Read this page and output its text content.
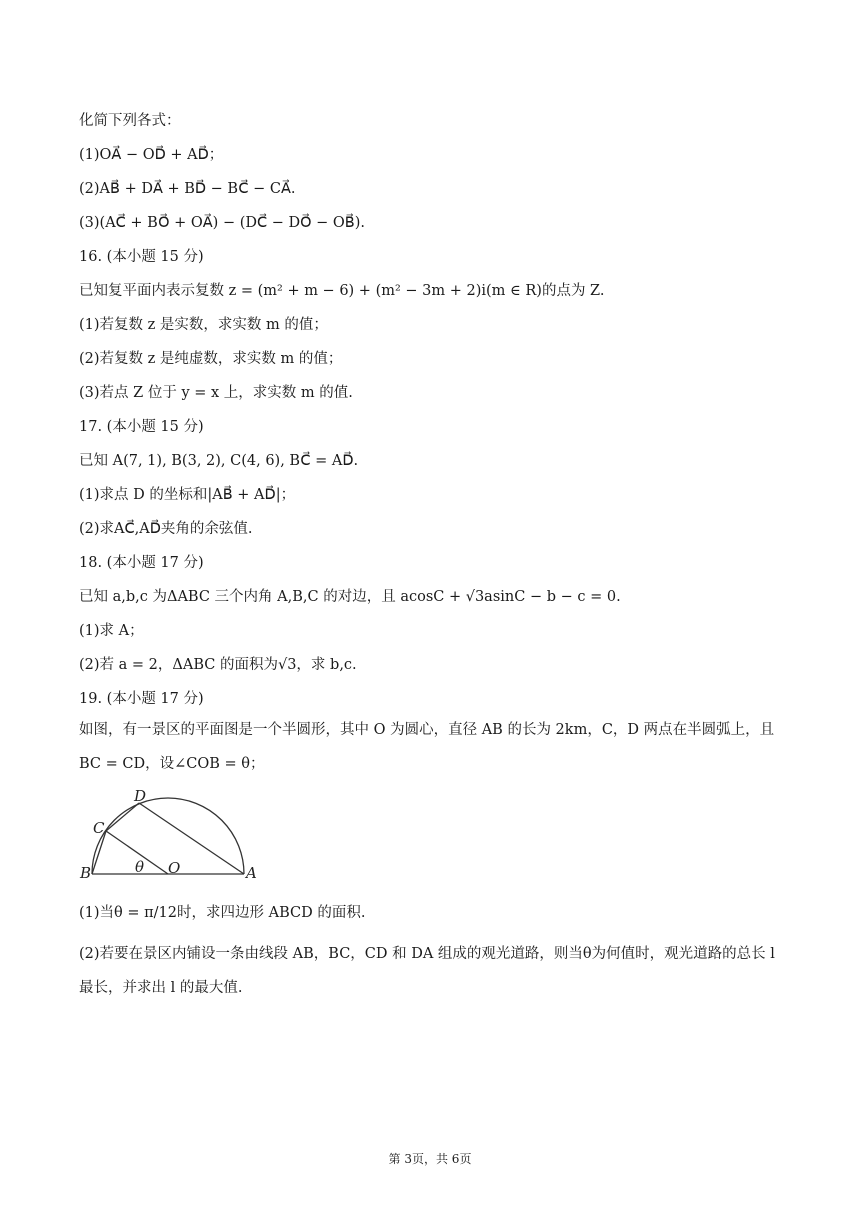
化简下列各式：
(1)OA⃗ − OD⃗ + AD⃗；
(2)AB⃗ + DA⃗ + BD⃗ − BC⃗ − CA⃗.
(3)(AC⃗ + BO⃗ + OA⃗) − (DC⃗ − DO⃗ − OB⃗).
16. (本小题 15 分)
已知复平面内表示复数 z = (m² + m − 6) + (m² − 3m + 2)i(m ∈ R)的点为 Z.
(1)若复数 z 是实数，求实数 m 的值；
(2)若复数 z 是纯虚数，求实数 m 的值；
(3)若点 Z 位于 y = x 上，求实数 m 的值.
17. (本小题 15 分)
已知 A(7, 1), B(3, 2), C(4, 6), BC⃗ = AD⃗.
(1)求点 D 的坐标和|AB⃗ + AD⃗|；
(2)求AC⃗,AD⃗夹角的余弦值.
18. (本小题 17 分)
已知 a,b,c 为ΔABC 三个内角 A,B,C 的对边，且 acosC + √3asinC − b − c = 0.
(1)求 A；
(2)若 a = 2，ΔABC 的面积为√3，求 b,c.
19. (本小题 17 分)
如图，有一景区的平面图是一个半圆形，其中 O 为圆心，直径 AB 的长为 2km，C，D 两点在半圆弧上，且 BC = CD，设∠COB = θ；
B	A
O
C
D
θ
(1)当θ = π/12时，求四边形 ABCD 的面积.
(2)若要在景区内铺设一条由线段 AB，BC，CD 和 DA 组成的观光道路，则当θ为何值时，观光道路的总长 l 最长，并求出 l 的最大值.
第 3页，共 6页
